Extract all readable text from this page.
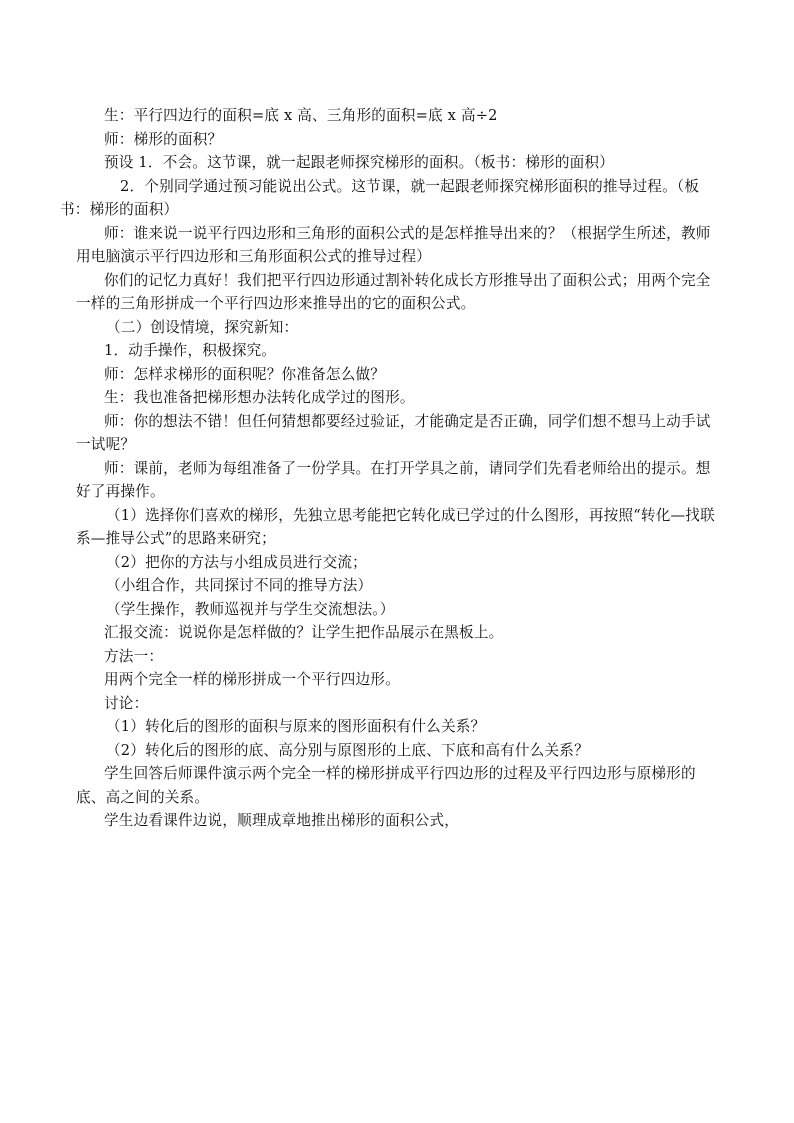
生：平行四边行的面积=底 x 高、三角形的面积=底 x 高÷2

师：梯形的面积？

预设 1．不会。这节课，就一起跟老师探究梯形的面积。（板书：梯形的面积）

2．个别同学通过预习能说出公式。这节课，就一起跟老师探究梯形面积的推导过程。（板书：梯形的面积）

师：谁来说一说平行四边形和三角形的面积公式的是怎样推导出来的？（根据学生所述，教师用电脑演示平行四边形和三角形面积公式的推导过程）

你们的记忆力真好！我们把平行四边形通过割补转化成长方形推导出了面积公式；用两个完全一样的三角形拼成一个平行四边形来推导出的它的面积公式。

（二）创设情境，探究新知：

1．动手操作，积极探究。

师：怎样求梯形的面积呢？你准备怎么做？

生：我也准备把梯形想办法转化成学过的图形。

师：你的想法不错！但任何猜想都要经过验证，才能确定是否正确，同学们想不想马上动手试一试呢？

师：课前，老师为每组准备了一份学具。在打开学具之前，请同学们先看老师给出的提示。想好了再操作。

（1）选择你们喜欢的梯形，先独立思考能把它转化成已学过的什么图形，再按照“转化—找联系—推导公式”的思路来研究；

（2）把你的方法与小组成员进行交流；

（小组合作，共同探讨不同的推导方法）

（学生操作，教师巡视并与学生交流想法。）

汇报交流：说说你是怎样做的？让学生把作品展示在黑板上。

方法一：

用两个完全一样的梯形拼成一个平行四边形。

讨论：

（1）转化后的图形的面积与原来的图形面积有什么关系？

（2）转化后的图形的底、高分别与原图形的上底、下底和高有什么关系？

学生回答后师课件演示两个完全一样的梯形拼成平行四边形的过程及平行四边形与原梯形的底、高之间的关系。

学生边看课件边说，顺理成章地推出梯形的面积公式，
